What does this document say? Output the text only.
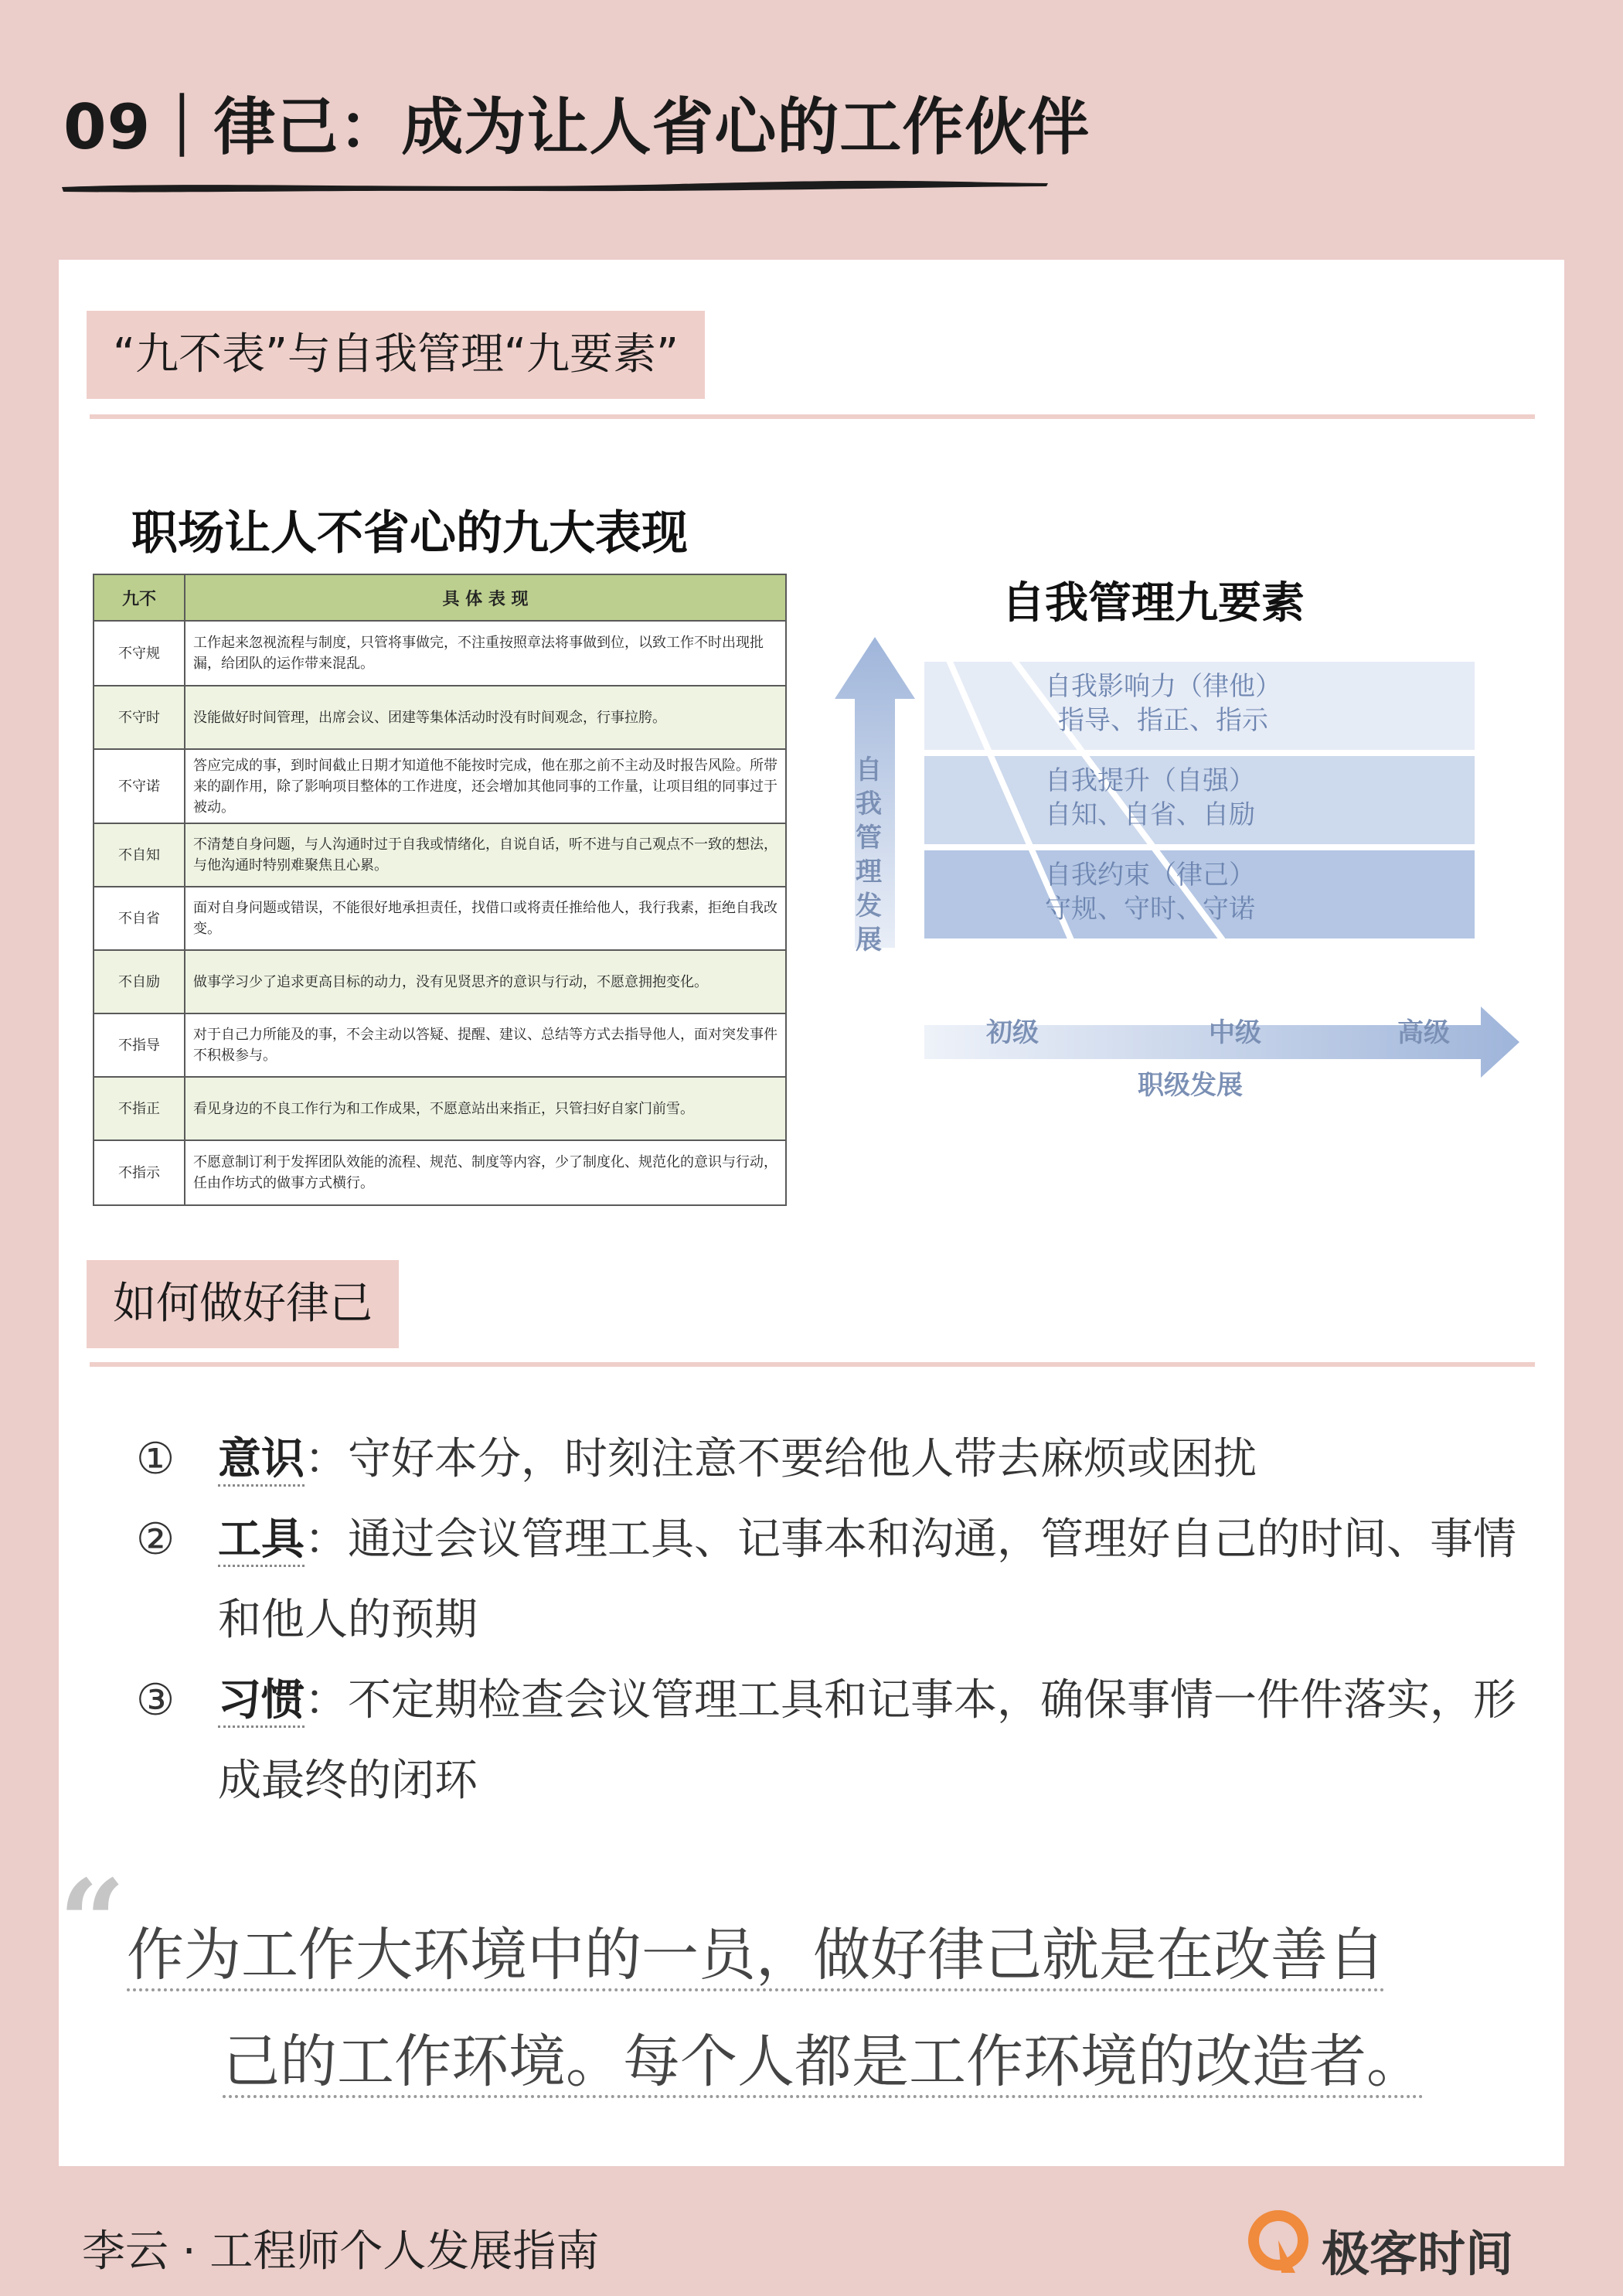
09｜律己：成为让人省心的工作伙伴
“九不表”与自我管理“九要素”
职场让人不省心的九大表现
九不	具 体 表 现
不守规	工作起来忽视流程与制度，只管将事做完，不注重按照章法将事做到位，以致工作不时出现批漏，给团队的运作带来混乱。
不守时	没能做好时间管理，出席会议、团建等集体活动时没有时间观念，行事拉胯。
不守诺	答应完成的事，到时间截止日期才知道他不能按时完成，他在那之前不主动及时报告风险。所带来的副作用，除了影响项目整体的工作进度，还会增加其他同事的工作量，让项目组的同事过于被动。
不自知	不清楚自身问题，与人沟通时过于自我或情绪化，自说自话，听不进与自己观点不一致的想法，与他沟通时特别难聚焦且心累。
不自省	面对自身问题或错误，不能很好地承担责任，找借口或将责任推给他人，我行我素，拒绝自我改变。
不自励	做事学习少了追求更高目标的动力，没有见贤思齐的意识与行动，不愿意拥抱变化。
不指导	对于自己力所能及的事，不会主动以答疑、提醒、建议、总结等方式去指导他人，面对突发事件不积极参与。
不指正	看见身边的不良工作行为和工作成果，不愿意站出来指正，只管扫好自家门前雪。
不指示	不愿意制订利于发挥团队效能的流程、规范、制度等内容，少了制度化、规范化的意识与行动，任由作坊式的做事方式横行。
自我管理九要素
自我管理发展
自我影响力（律他）
指导、指正、指示
自我提升（自强）
自知、自省、自励
自我约束（律己）
守规、守时、守诺
初级	中级	高级
职级发展
如何做好律己
① 意识：守好本分，时刻注意不要给他人带去麻烦或困扰
② 工具：通过会议管理工具、记事本和沟通，管理好自己的时间、事情和他人的预期
③ 习惯：不定期检查会议管理工具和记事本，确保事情一件件落实，形成最终的闭环
“ 作为工作大环境中的一员，做好律己就是在改善自
己的工作环境。每个人都是工作环境的改造者。
李云 · 工程师个人发展指南	极客时间
